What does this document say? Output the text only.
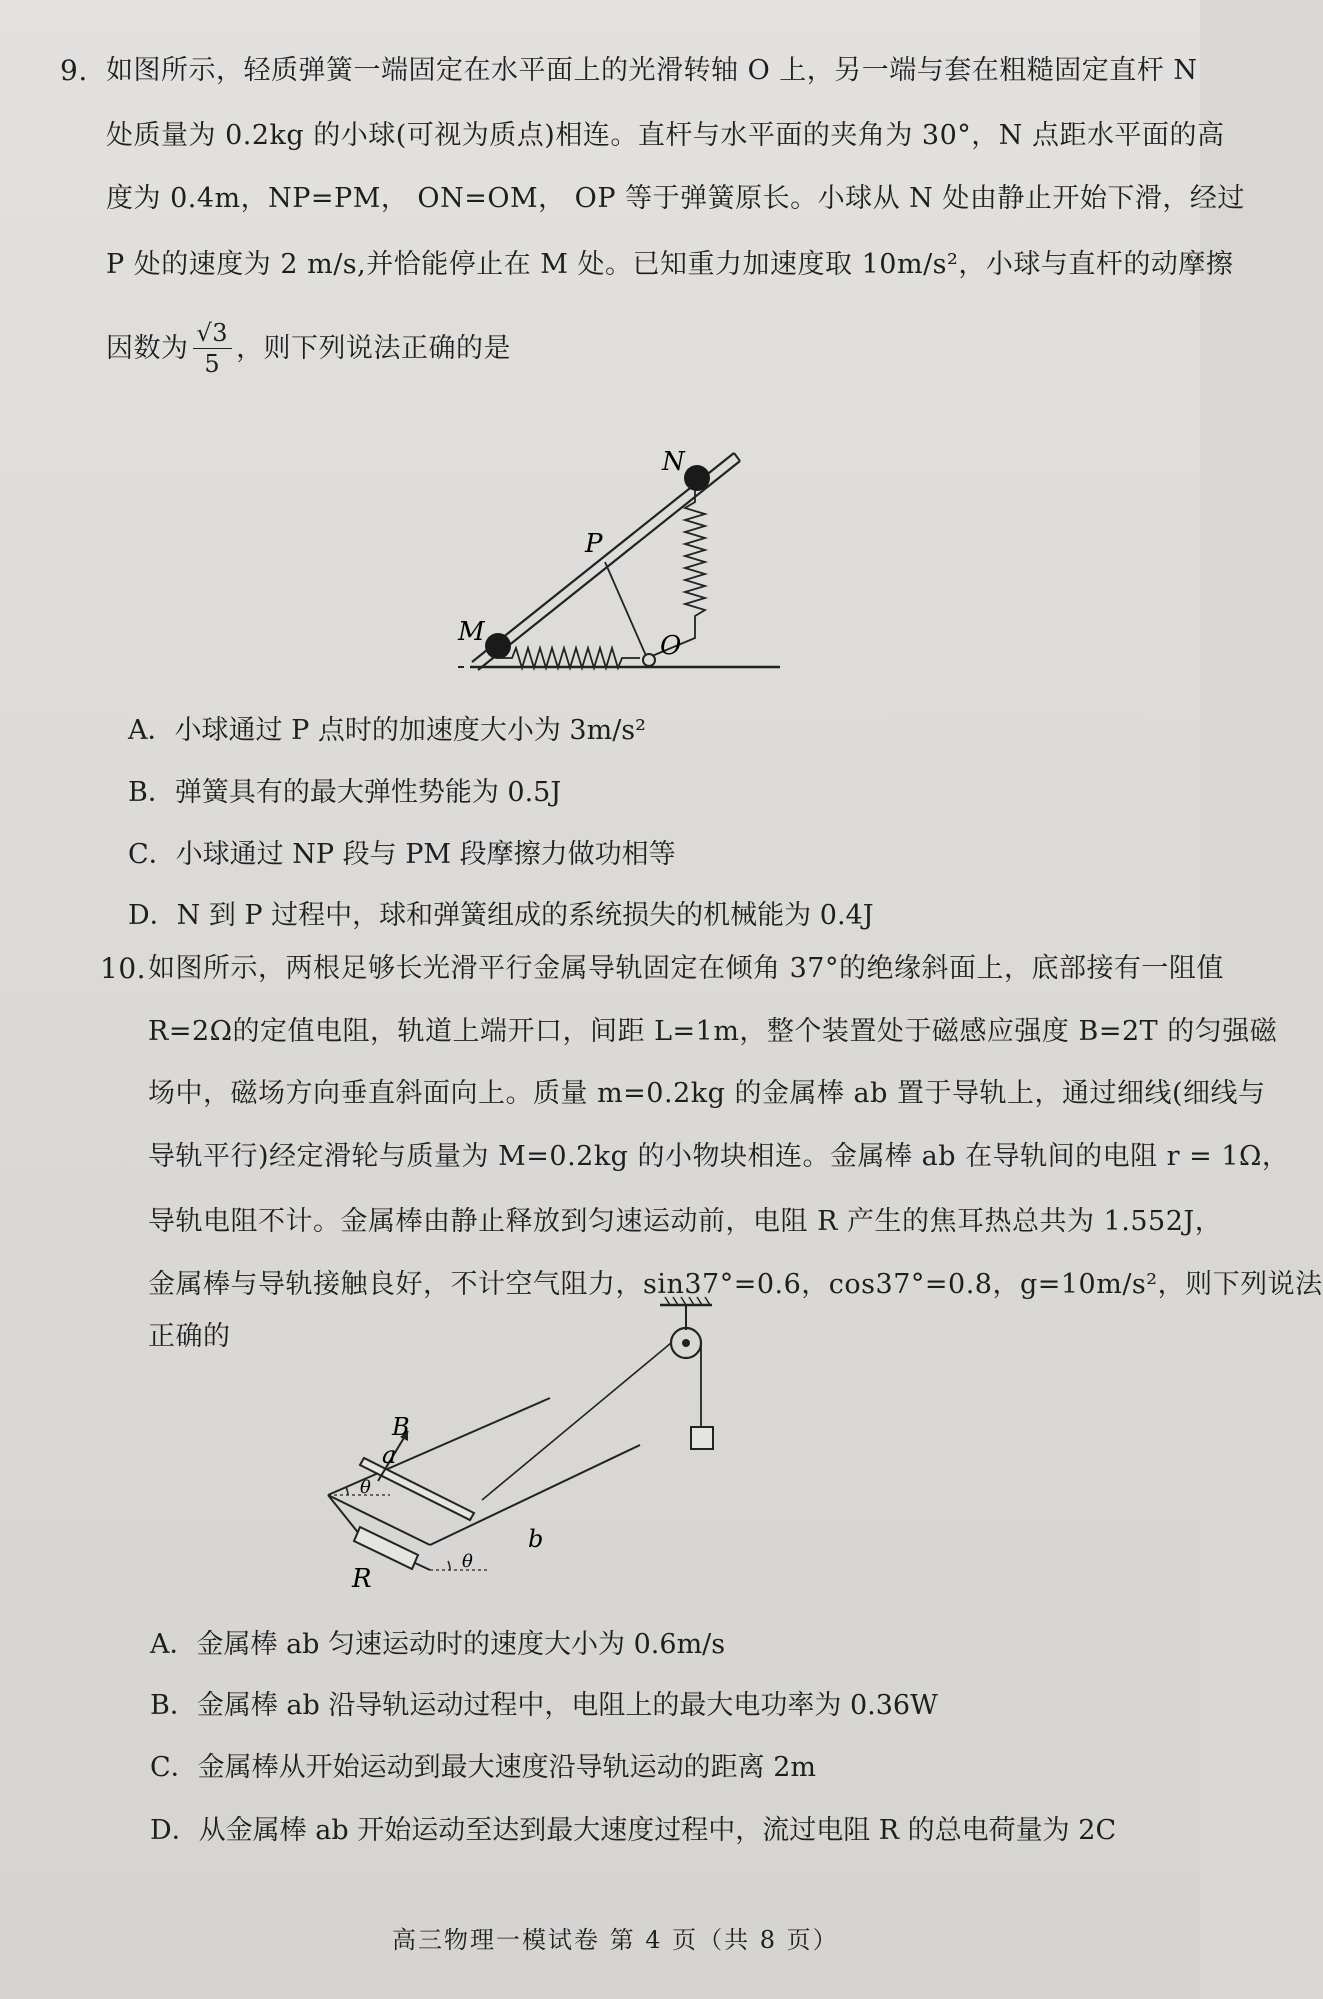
9. 如图所示，轻质弹簧一端固定在水平面上的光滑转轴 O 上，另一端与套在粗糙固定直杆 N
处质量为 0.2kg 的小球(可视为质点)相连。直杆与水平面的夹角为 30°，N 点距水平面的高
度为 0.4m，NP=PM， ON=OM， OP 等于弹簧原长。小球从 N 处由静止开始下滑，经过
P 处的速度为 2 m/s,并恰能停止在 M 处。已知重力加速度取 10m/s²，小球与直杆的动摩擦
因数为 $\frac{√3}{5}$ ，则下列说法正确的是
N
P
M	O
A．小球通过 P 点时的加速度大小为 3m/s²
B．弹簧具有的最大弹性势能为 0.5J
C．小球通过 NP 段与 PM 段摩擦力做功相等
D．N 到 P 过程中，球和弹簧组成的系统损失的机械能为 0.4J
10. 如图所示，两根足够长光滑平行金属导轨固定在倾角 37°的绝缘斜面上，底部接有一阻值
R=2Ω的定值电阻，轨道上端开口，间距 L=1m，整个装置处于磁感应强度 B=2T 的匀强磁
场中，磁场方向垂直斜面向上。质量 m=0.2kg 的金属棒 ab 置于导轨上，通过细线(细线与
导轨平行)经定滑轮与质量为 M=0.2kg 的小物块相连。金属棒 ab 在导轨间的电阻 r = 1Ω，
导轨电阻不计。金属棒由静止释放到匀速运动前，电阻 R 产生的焦耳热总共为 1.552J，
金属棒与导轨接触良好，不计空气阻力，sin37°=0.6，cos37°=0.8，g=10m/s²，则下列说法
正确的
B
a
b
R
θ
θ
A．金属棒 ab 匀速运动时的速度大小为 0.6m/s
B．金属棒 ab 沿导轨运动过程中，电阻上的最大电功率为 0.36W
C．金属棒从开始运动到最大速度沿导轨运动的距离 2m
D．从金属棒 ab 开始运动至达到最大速度过程中，流过电阻 R 的总电荷量为 2C
高三物理一模试卷 第 4 页（共 8 页）
